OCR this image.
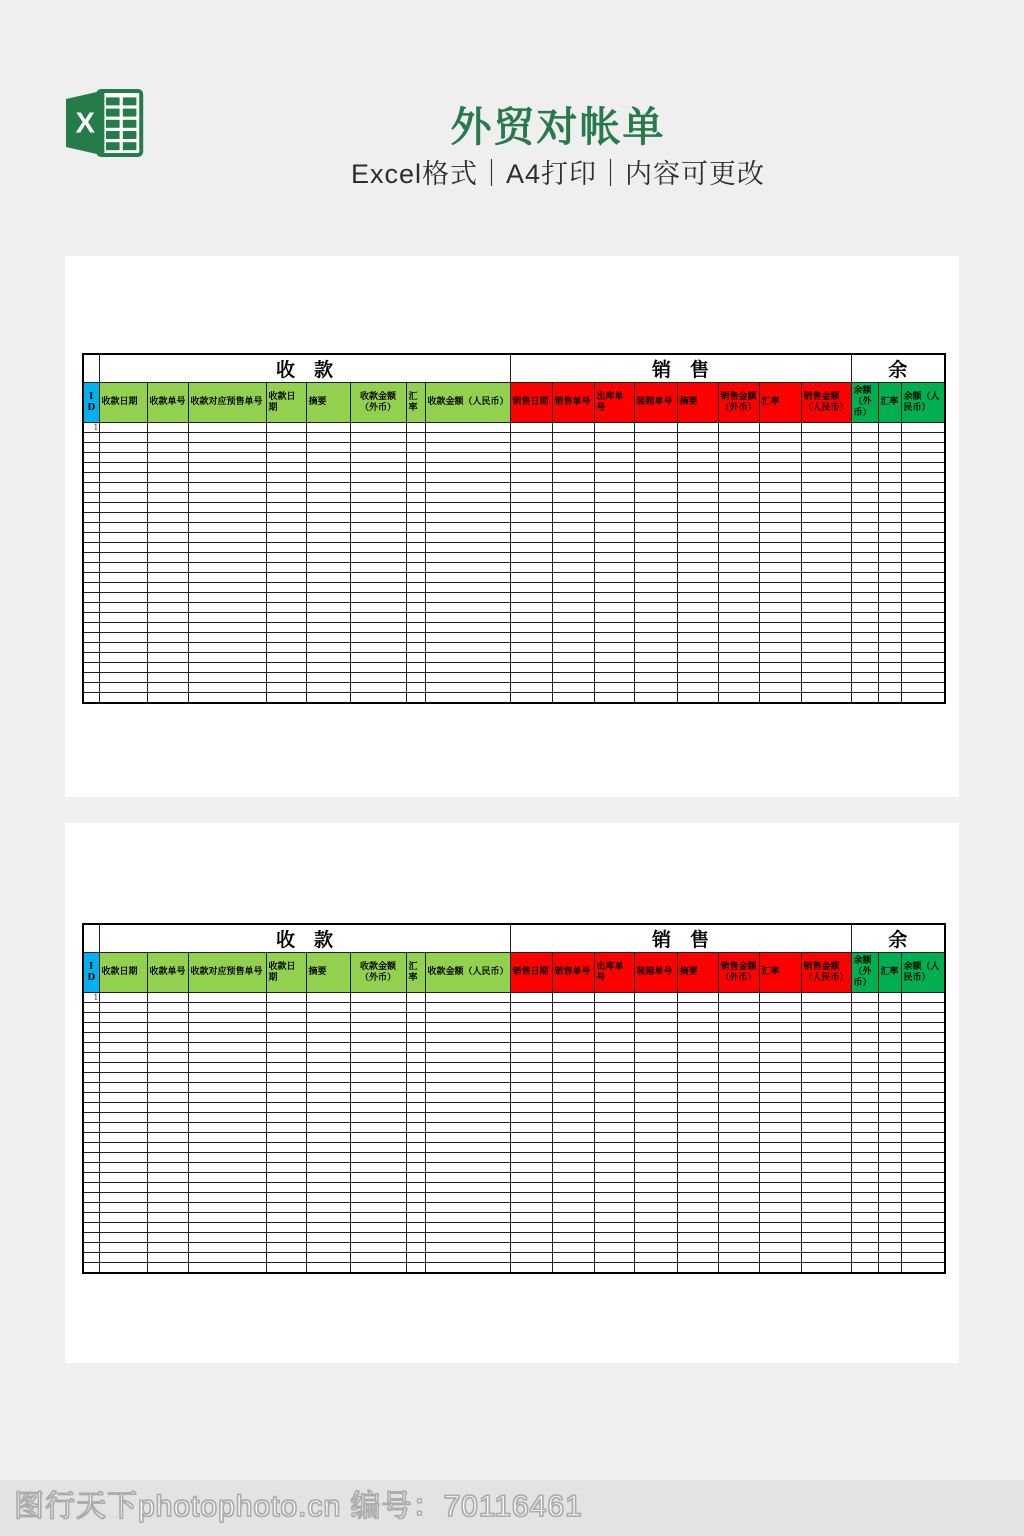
X	外贸对帐单
Excel格式｜A4打印｜内容可更改
	收　款								销　售								余		
ID	收款日期	收款单号	收款对应预售单号	收款日期	摘要	收款金额（外币）	汇率	收款金额（人民币）	销售日期	销售单号	出库单号	装箱单号	摘要	销售金额（外币）	汇率	销售金额（人民币）	余额（外币）	汇率	余额（人民币）
1																			

	收　款								销　售								余		
ID	收款日期	收款单号	收款对应预售单号	收款日期	摘要	收款金额（外币）	汇率	收款金额（人民币）	销售日期	销售单号	出库单号	装箱单号	摘要	销售金额（外币）	汇率	销售金额（人民币）	余额（外币）	汇率	余额（人民币）
1																			

图行天下photophoto.cn 编号：70116461
